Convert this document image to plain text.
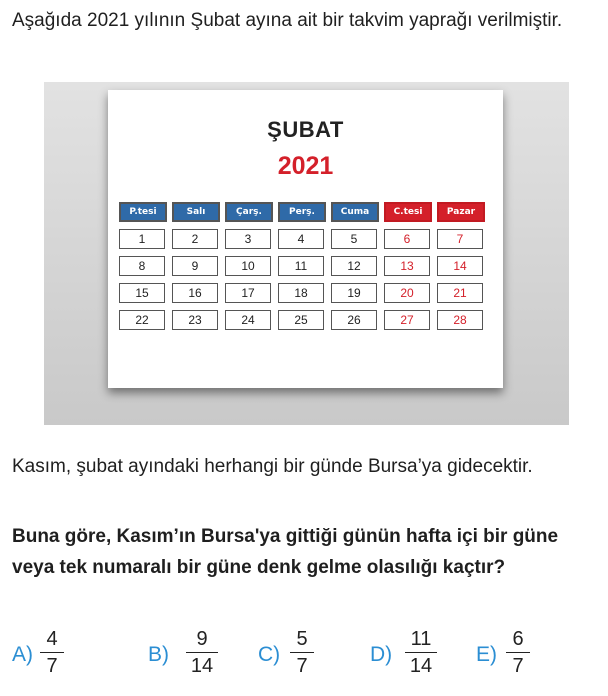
Aşağıda 2021 yılının Şubat ayına ait bir takvim yaprağı verilmiştir.

ŞUBAT
2021
P.tesi	Salı	Çarş.	Perş.	Cuma	C.tesi	Pazar
1	2	3	4	5	6	7
8	9	10	11	12	13	14
15	16	17	18	19	20	21
22	23	24	25	26	27	28

Kasım, şubat ayındaki herhangi bir günde Bursa’ya gidecektir.

Buna göre, Kasım’ın Bursa'ya gittiği günün hafta içi bir güne veya tek numaralı bir güne denk gelme olasılığı kaçtır?

A)
4
7	B)
9
14 C)
5
7	D)
11
14 E)
6
7
